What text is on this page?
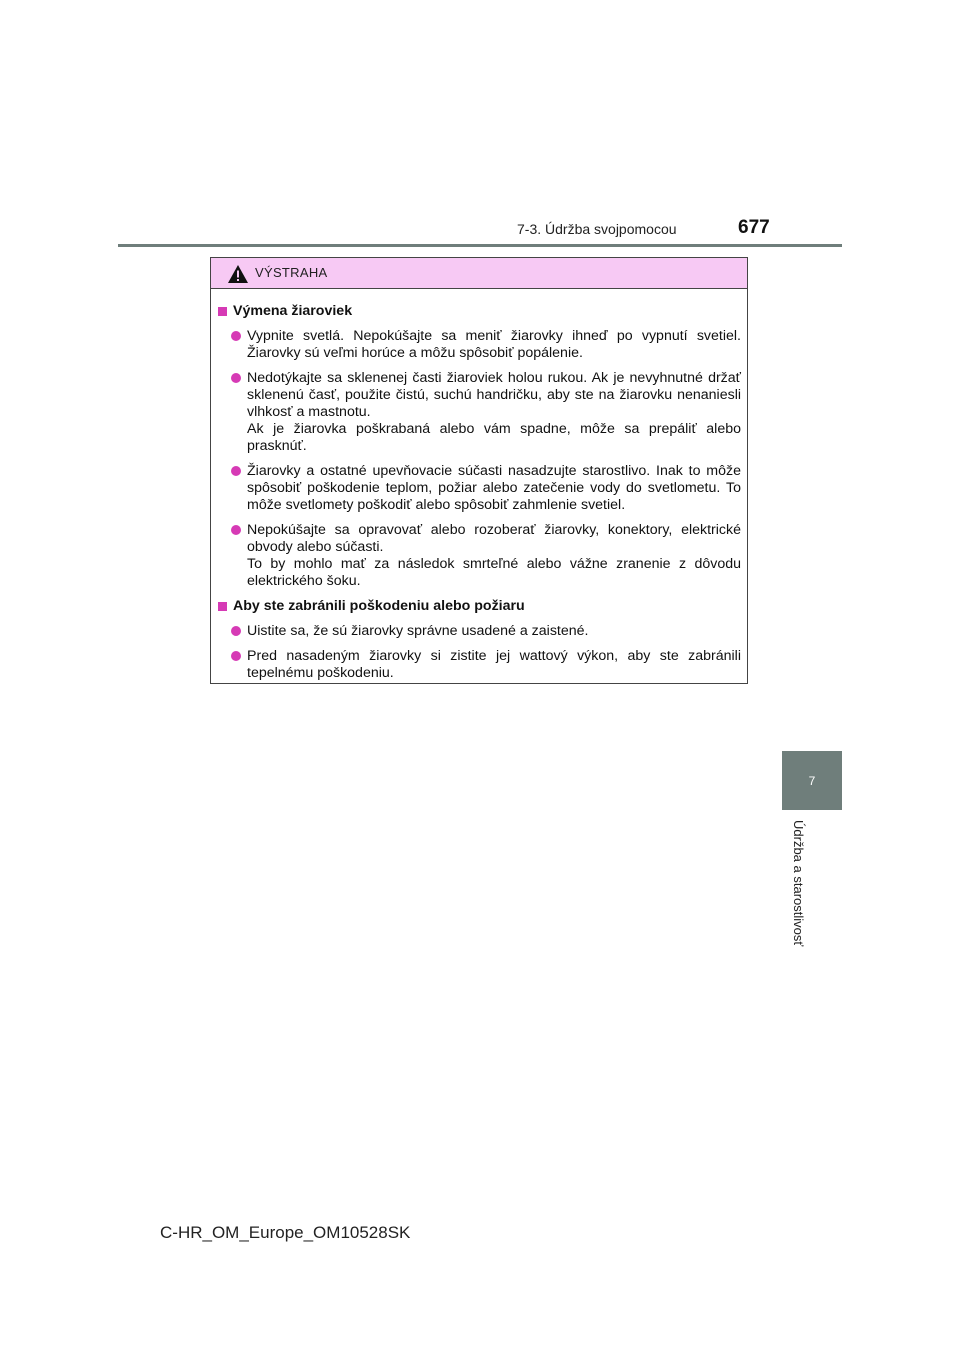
7-3. Údržba svojpomocou	677
7
Údržba a starostlivosť
VÝSTRAHA
Výmena žiaroviek

Vypnite svetlá. Nepokúšajte sa meniť žiarovky ihneď po vypnutí svetiel. Žiarovky sú veľmi horúce a môžu spôsobiť popálenie.

Nedotýkajte sa sklenenej časti žiaroviek holou rukou. Ak je nevyhnutné držať sklenenú časť, použite čistú, suchú handričku, aby ste na žiarovku nenaniesli vlhkosť a mastnotu.

Ak je žiarovka poškrabaná alebo vám spadne, môže sa prepáliť alebo prasknúť.

Žiarovky a ostatné upevňovacie súčasti nasadzujte starostlivo. Inak to môže spôsobiť poškodenie teplom, požiar alebo zatečenie vody do svetlometu. To môže svetlomety poškodiť alebo spôsobiť zahmlenie svetiel.

Nepokúšajte sa opravovať alebo rozoberať žiarovky, konektory, elektrické obvody alebo súčasti.

To by mohlo mať za následok smrteľné alebo vážne zranenie z dôvodu elektrického šoku.

Aby ste zabránili poškodeniu alebo požiaru

Uistite sa, že sú žiarovky správne usadené a zaistené.

Pred nasadeným žiarovky si zistite jej wattový výkon, aby ste zabránili tepelnému poškodeniu.

C-HR_OM_Europe_OM10528SK
